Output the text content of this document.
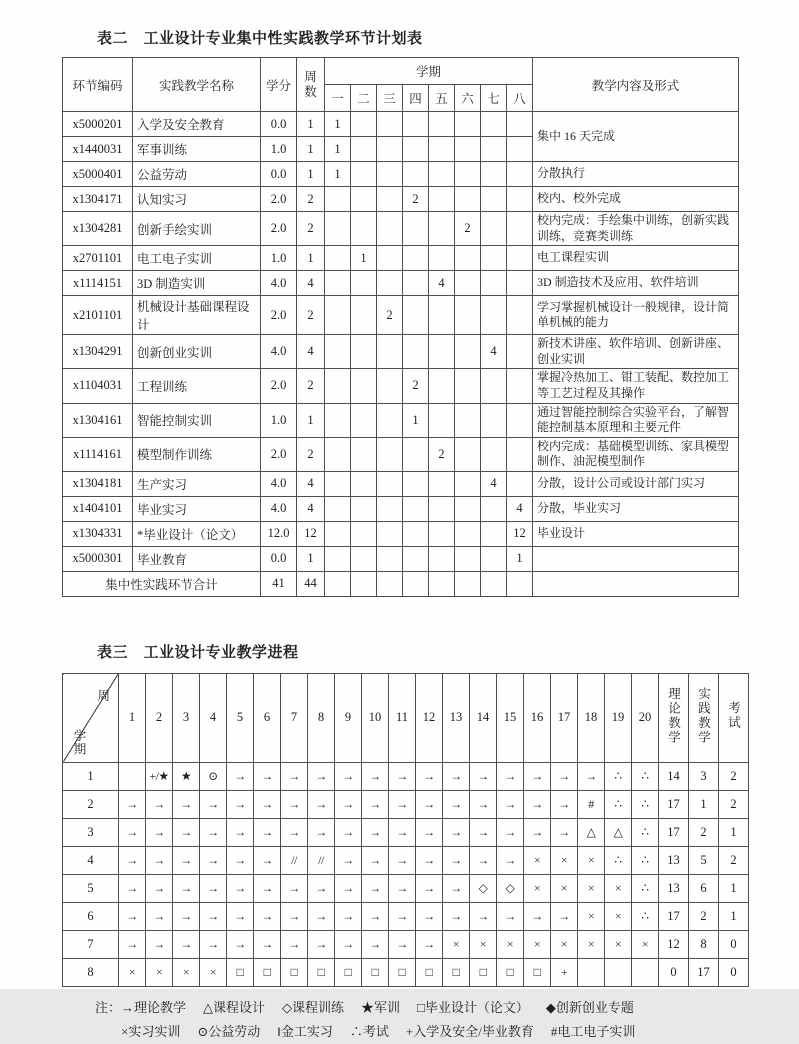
表二　工业设计专业集中性实践教学环节计划表
环节编码	实践教学名称	学分	周数	学期								教学内容及形式
				一	二	三	四	五	六	七	八	
x5000201	入学及安全教育	0.0	1	1								集中 16 天完成
x1440031	军事训练	1.0	1	1								
x5000401	公益劳动	0.0	1	1								分散执行
x1304171	认知实习	2.0	2				2					校内、校外完成
x1304281	创新手绘实训	2.0	2						2			校内完成：手绘集中训练，创新实践训练，竞赛类训练
x2701101	电工电子实训	1.0	1		1							电工课程实训
x1114151	3D 制造实训	4.0	4					4				3D 制造技术及应用、软件培训
x2101101	机械设计基础课程设计	2.0	2			2						学习掌握机械设计一般规律，设计简单机械的能力
x1304291	创新创业实训	4.0	4							4		新技术讲座、软件培训、创新讲座、创业实训
x1104031	工程训练	2.0	2				2					掌握冷热加工、钳工装配、数控加工等工艺过程及其操作
x1304161	智能控制实训	1.0	1				1					通过智能控制综合实验平台，了解智能控制基本原理和主要元件
x1114161	模型制作训练	2.0	2					2				校内完成：基础模型训练、家具模型制作、油泥模型制作
x1304181	生产实习	4.0	4							4		分散，设计公司或设计部门实习
x1404101	毕业实习	4.0	4								4	分散，毕业实习
x1304331	*毕业设计（论文）	12.0	12								12	毕业设计
x5000301	毕业教育	0.0	1								1	
集中性实践环节合计		41	44									
表三　工业设计专业教学进程
周
学期	1	2	3	4	5	6	7	8	9	10	11	12	13	14	15	16	17	18	19	20	理论教学	实践教学	考试
1		+/★	★	⊙	→	→	→	→	→	→	→	→	→	→	→	→	→	→	∴	∴	14	3	2
2	→	→	→	→	→	→	→	→	→	→	→	→	→	→	→	→	→	#	∴	∴	17	1	2
3	→	→	→	→	→	→	→	→	→	→	→	→	→	→	→	→	→	△	△	∴	17	2	1
4	→	→	→	→	→	→	//	//	→	→	→	→	→	→	→	×	×	×	∴	∴	13	5	2
5	→	→	→	→	→	→	→	→	→	→	→	→	→	◇	◇	×	×	×	×	∴	13	6	1
6	→	→	→	→	→	→	→	→	→	→	→	→	→	→	→	→	→	×	×	∴	17	2	1
7	→	→	→	→	→	→	→	→	→	→	→	→	×	×	×	×	×	×	×	×	12	8	0
8	×	×	×	×	□	□	□	□	□	□	□	□	□	□	□	□	+				0	17	0
注：→理论教学 △课程设计 ◇课程训练 ★军训 □毕业设计（论文） ◆创新创业专题
×实习实训 ⊙公益劳动 ‖金工实习 ∴考试 +入学及安全/毕业教育 #电工电子实训
